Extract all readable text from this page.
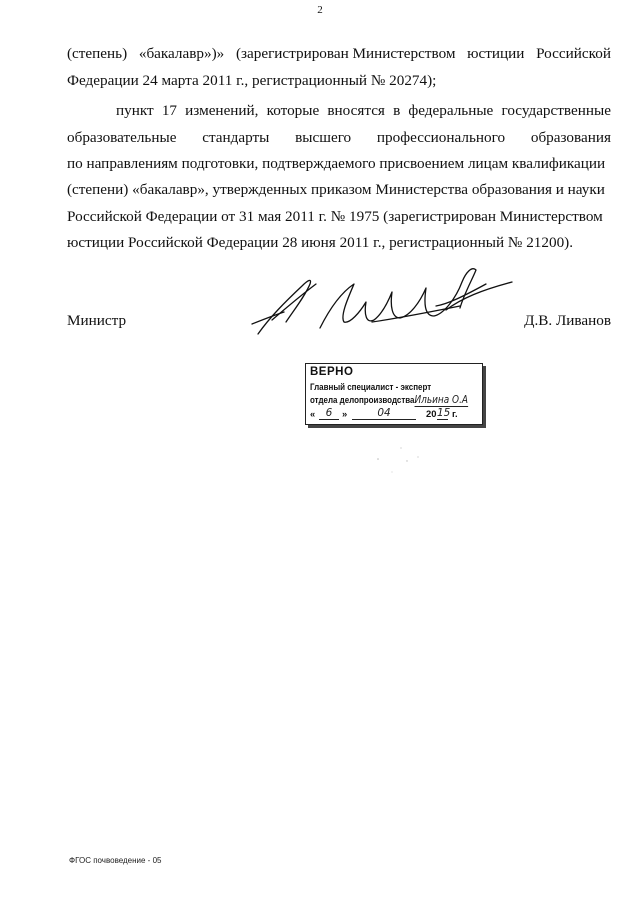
2
(степень) «бакалавр»)» (зарегистрирован Министерством юстиции Российской
Федерации 24 марта 2011 г., регистрационный № 20274);
пункт 17 изменений, которые вносятся в федеральные государственные
образовательные стандарты высшего профессионального образования
по направлениям подготовки, подтверждаемого присвоением лицам квалификации
(степени) «бакалавр», утвержденных приказом Министерства образования и науки
Российской Федерации от 31 мая 2011 г. № 1975 (зарегистрирован Министерством
юстиции Российской Федерации 28 июня 2011 г., регистрационный № 21200).
Министр	Д.В. Ливанов
ВЕРНО
Главный специалист - эксперт
отдела делопроизводстваИльина О.А
« 6	»	04	20 15 г.
ФГОС почвоведение - 05
